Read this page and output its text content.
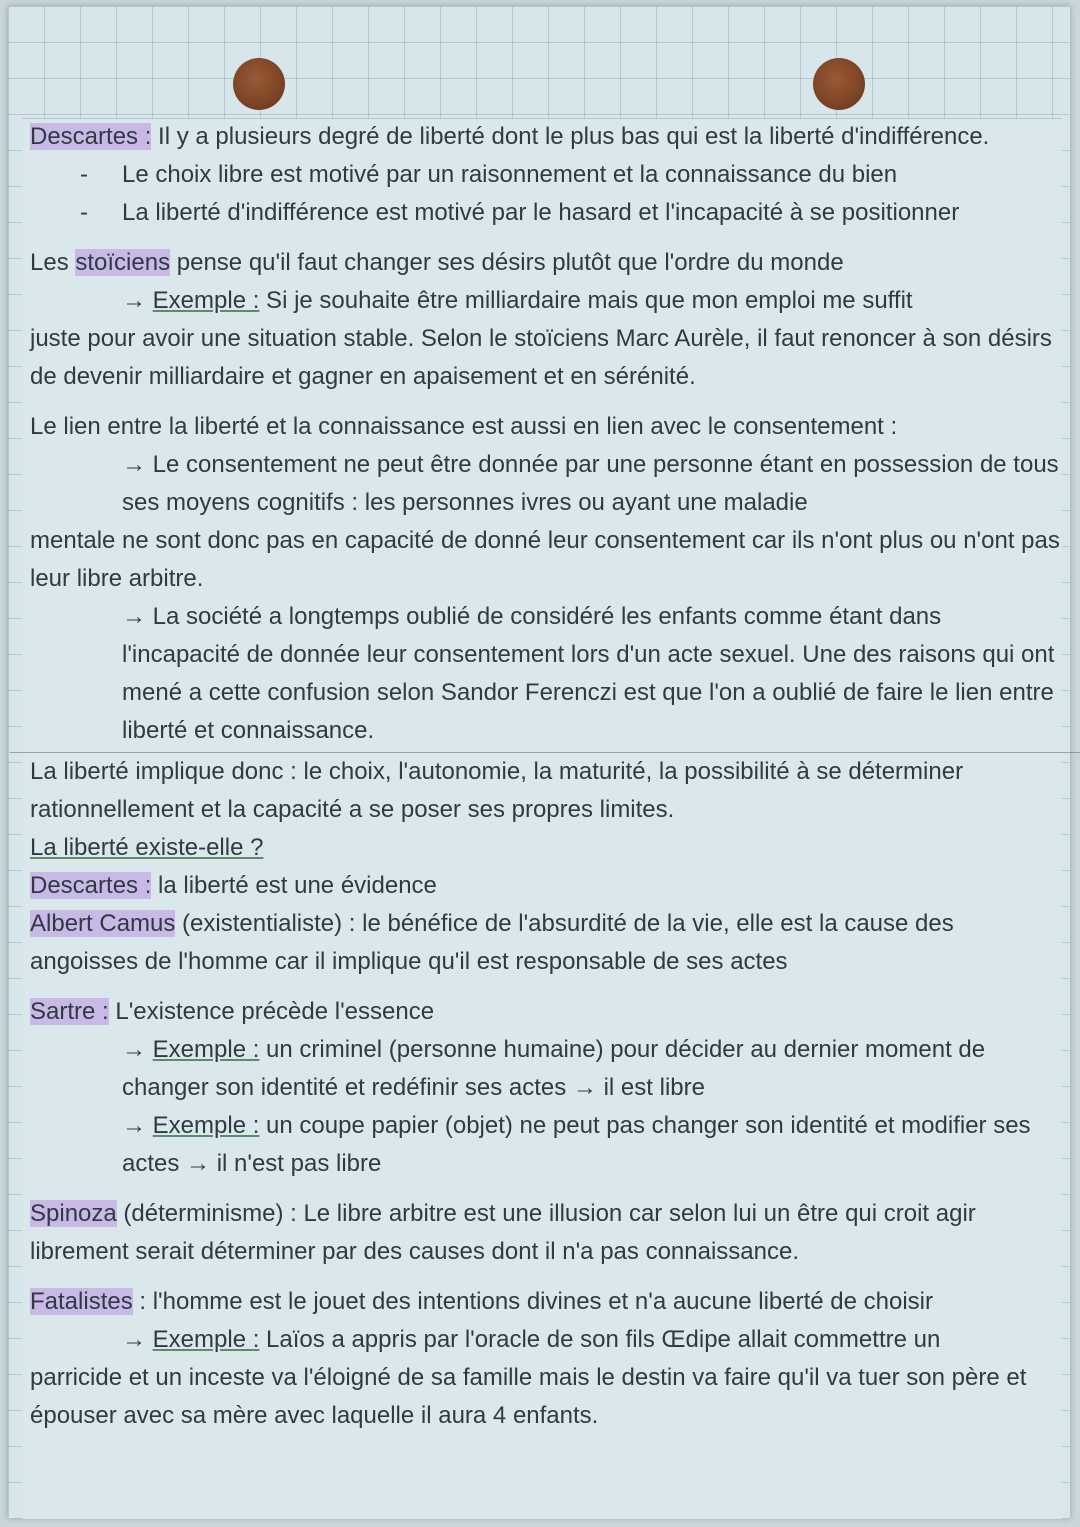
Descartes : Il y a plusieurs degré de liberté dont le plus bas qui est la liberté d'indifférence.

- Le choix libre est motivé par un raisonnement et la connaissance du bien

- La liberté d'indifférence est motivé par le hasard et l'incapacité à se positionner

Les stoïciens pense qu'il faut changer ses désirs plutôt que l'ordre du monde

→ Exemple : Si je souhaite être milliardaire mais que mon emploi me suffit

juste pour avoir une situation stable. Selon le stoïciens Marc Aurèle, il faut renoncer à son désirs de devenir milliardaire et gagner en apaisement et en sérénité.

Le lien entre la liberté et la connaissance est aussi en lien avec le consentement :

→ Le consentement ne peut être donnée par une personne étant en possession de tous ses moyens cognitifs : les personnes ivres ou ayant une maladie

mentale ne sont donc pas en capacité de donné leur consentement car ils n'ont plus ou n'ont pas leur libre arbitre.

→ La société a longtemps oublié de considéré les enfants comme étant dans l'incapacité de donnée leur consentement lors d'un acte sexuel. Une des raisons qui ont mené a cette confusion selon Sandor Ferenczi est que l'on a oublié de faire le lien entre liberté et connaissance.

La liberté implique donc : le choix, l'autonomie, la maturité, la possibilité à se déterminer rationnellement et la capacité a se poser ses propres limites.

La liberté existe-elle ?

Descartes : la liberté est une évidence

Albert Camus (existentialiste) : le bénéfice de l'absurdité de la vie, elle est la cause des angoisses de l'homme car il implique qu'il est responsable de ses actes

Sartre : L'existence précède l'essence

→ Exemple : un criminel (personne humaine) pour décider au dernier moment de changer son identité et redéfinir ses actes → il est libre

→ Exemple : un coupe papier (objet) ne peut pas changer son identité et modifier ses actes → il n'est pas libre

Spinoza (déterminisme) : Le libre arbitre est une illusion car selon lui un être qui croit agir librement serait déterminer par des causes dont il n'a pas connaissance.

Fatalistes : l'homme est le jouet des intentions divines et n'a aucune liberté de choisir

→ Exemple : Laïos a appris par l'oracle de son fils Œdipe allait commettre un

parricide et un inceste va l'éloigné de sa famille mais le destin va faire qu'il va tuer son père et épouser avec sa mère avec laquelle il aura 4 enfants.
